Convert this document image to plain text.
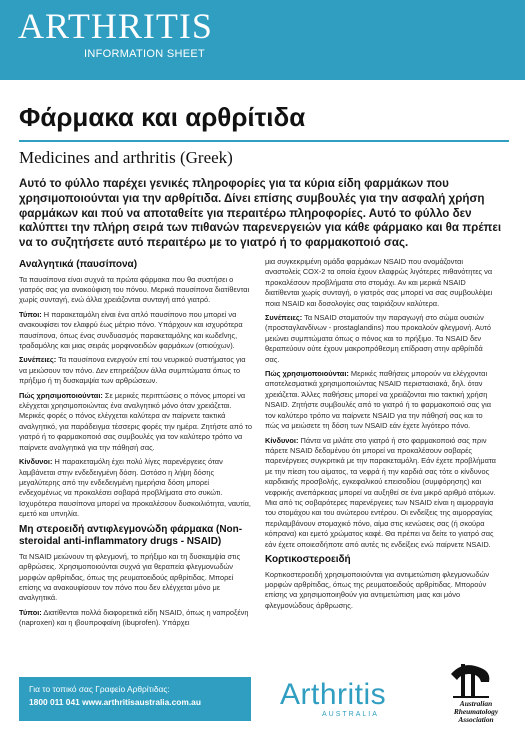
ARTHRITIS
INFORMATION SHEET
Φάρμακα και αρθρίτιδα
Medicines and arthritis (Greek)
Αυτό το φύλλο παρέχει γενικές πληροφορίες για τα κύρια είδη φαρμάκων που χρησιμοποιούνται για την αρθρίτιδα. Δίνει επίσης συμβουλές για την ασφαλή χρήση φαρμάκων και πού να αποταθείτε για περαιτέρω πληροφορίες. Αυτό το φύλλο δεν καλύπτει την πλήρη σειρά των πιθανών παρενεργειών για κάθε φάρμακο και θα πρέπει να το συζητήσετε αυτό περαιτέρω με το γιατρό ή το φαρμακοποιό σας.
Αναλγητικά (παυσίπονα)

Τα παυσίπονα είναι συχνά τα πρώτα φάρμακα που θα συστήσει ο γιατρός σας για ανακούφιση του πόνου. Μερικά παυσίπονα διατίθενται χωρίς συνταγή, ενώ άλλα χρειάζονται συνταγή από γιατρό.

Τύποι: Η παρακεταμόλη είναι ένα απλό παυσίπονο που μπορεί να ανακουφίσει τον ελαφρύ έως μέτριο πόνο. Υπάρχουν και ισχυρότερα παυσίπονα, όπως ένας συνδυασμός παρακεταμόλης και κωδεΐνης, τραδαμόλης και μιας σειράς μορφινοειδών φαρμάκων (οπιούχων).

Συνέπειες: Τα παυσίπονα ενεργούν επί του νευρικού συστήματος για να μειώσουν τον πόνο. Δεν επηρεάζουν άλλα συμπτώματα όπως το πρήξιμο ή τη δυσκαμψία των αρθρώσεων.

Πώς χρησιμοποιούνται: Σε μερικές περιπτώσεις ο πόνος μπορεί να ελέγχεται χρησιμοποιώντας ένα αναλγητικό μόνο όταν χρειάζεται. Μερικές φορές ο πόνος ελέγχεται καλύτερα αν παίρνετε τακτικά αναλγητικό, για παράδειγμα τέσσερις φορές την ημέρα. Ζητήστε από το γιατρό ή το φαρμακοποιό σας συμβουλές για τον καλύτερο τρόπο να παίρνετε αναλγητικά για την πάθησή σας.

Κίνδυνοι: Η παρακεταμόλη έχει πολύ λίγες παρενέργειες όταν λαμβάνεται στην ενδεδειγμένη δόση. Ωστόσο η λήψη δόσης μεγαλύτερης από την ενδεδειγμένη ημερήσια δόση μπορεί ενδεχομένως να προκαλέσει σοβαρά προβλήματα στο συκώτι. Ισχυρότερα παυσίπονα μπορεί να προκαλέσουν δυσκοιλιότητα, ναυτία, εμετό και υπνηλία.

Μη στεροειδή αντιφλεγμονώδη φάρμακα (Non-steroidal anti-inflammatory drugs - NSAID)

Τα NSAID μειώνουν τη φλεγμονή, το πρήξιμο και τη δυσκαμψία στις αρθρώσεις. Χρησιμοποιούνται συχνά για θεραπεία φλεγμονωδών μορφών αρθρίτιδας, όπως της ρευματοειδούς αρθρίτιδας. Μπορεί επίσης να ανακουφίσουν τον πόνο που δεν ελέγχεται μόνο με αναλγητικά.

Τύποι: Διατίθενται πολλά διαφορετικά είδη NSAID, όπως η ναπροξένη (naproxen) και η ιβουπροφαίνη (ibuprofen). Υπάρχει

μια συγκεκριμένη ομάδα φαρμάκων NSAID που ονομάζονται αναστολείς COX-2 τα οποία έχουν ελαφρώς λιγότερες πιθανότητες να προκαλέσουν προβλήματα στο στομάχι. Αν και μερικά NSAID διατίθενται χωρίς συνταγή, ο γιατρός σας μπορεί να σας συμβουλέψει ποια NSAID και δοσολογίες σας ταιριάζουν καλύτερα.

Συνέπειες: Τα NSAID σταματούν την παραγωγή στο σώμα ουσιών (προσταγλανδίνων - prostaglandins) που προκαλούν φλεγμονή. Αυτό μειώνει συμπτώματα όπως ο πόνος και το πρήξιμο. Τα NSAID δεν θεραπεύουν ούτε έχουν μακροπρόθεσμη επίδραση στην αρθρίτιδά σας.

Πώς χρησιμοποιούνται: Μερικές παθήσεις μπορούν να ελέγχονται αποτελεσματικά χρησιμοποιώντας NSAID περιστασιακά, δηλ. όταν χρειάζεται. Άλλες παθήσεις μπορεί να χρειάζονται πιο τακτική χρήση NSAID. Ζητήστε συμβουλές από το γιατρό ή το φαρμακοποιό σας για τον καλύτερο τρόπο να παίρνετε NSAID για την πάθησή σας και το πώς να μειώσετε τη δόση των NSAID εάν έχετε λιγότερο πόνο.

Κίνδυνοι: Πάντα να μιλάτε στο γιατρό ή στο φαρμακοποιό σας πριν πάρετε NSAID δεδομένου ότι μπορεί να προκαλέσουν σοβαρές παρενέργειες συγκριτικά με την παρακεταμόλη. Εάν έχετε προβλήματα με την πίεση του αίματος, τα νεφρά ή την καρδιά σας τότε ο κίνδυνος καρδιακής προσβολής, εγκεφαλικού επεισοδίου (συμφόρησης) και νεφρικής ανεπάρκειας μπορεί να αυξηθεί σε ένα μικρό αριθμό ατόμων. Μια από τις σοβαρότερες παρενέργειες των NSAID είναι η αιμορραγία του στομάχου και του ανώτερου εντέρου. Οι ενδείξεις της αιμορραγίας περιλαμβάνουν στομαχικό πόνο, αίμα στις κενώσεις σας (ή σκούρα κόπρανα) και εμετό χρώματος καφέ. Θα πρέπει να δείτε το γιατρό σας εάν έχετε οποιεσδήποτε από αυτές τις ενδείξεις ενώ παίρνετε NSAID.

Κορτικοστεροειδή

Κορτικοστεροειδή χρησιμοποιούνται για αντιμετώπιση φλεγμονωδών μορφών αρθρίτιδας, όπως της ρευματοειδούς αρθρίτιδας. Μπορούν επίσης να χρησιμοποιηθούν για αντιμετώπιση μιας και μόνο φλεγμονώδους άρθρωσης.

Για το τοπικό σας Γραφείο Αρθρίτιδας:
1800 011 041 www.arthritisaustralia.com.au	Arthritis
AUSTRALIA
Australian Rheumatology Association
